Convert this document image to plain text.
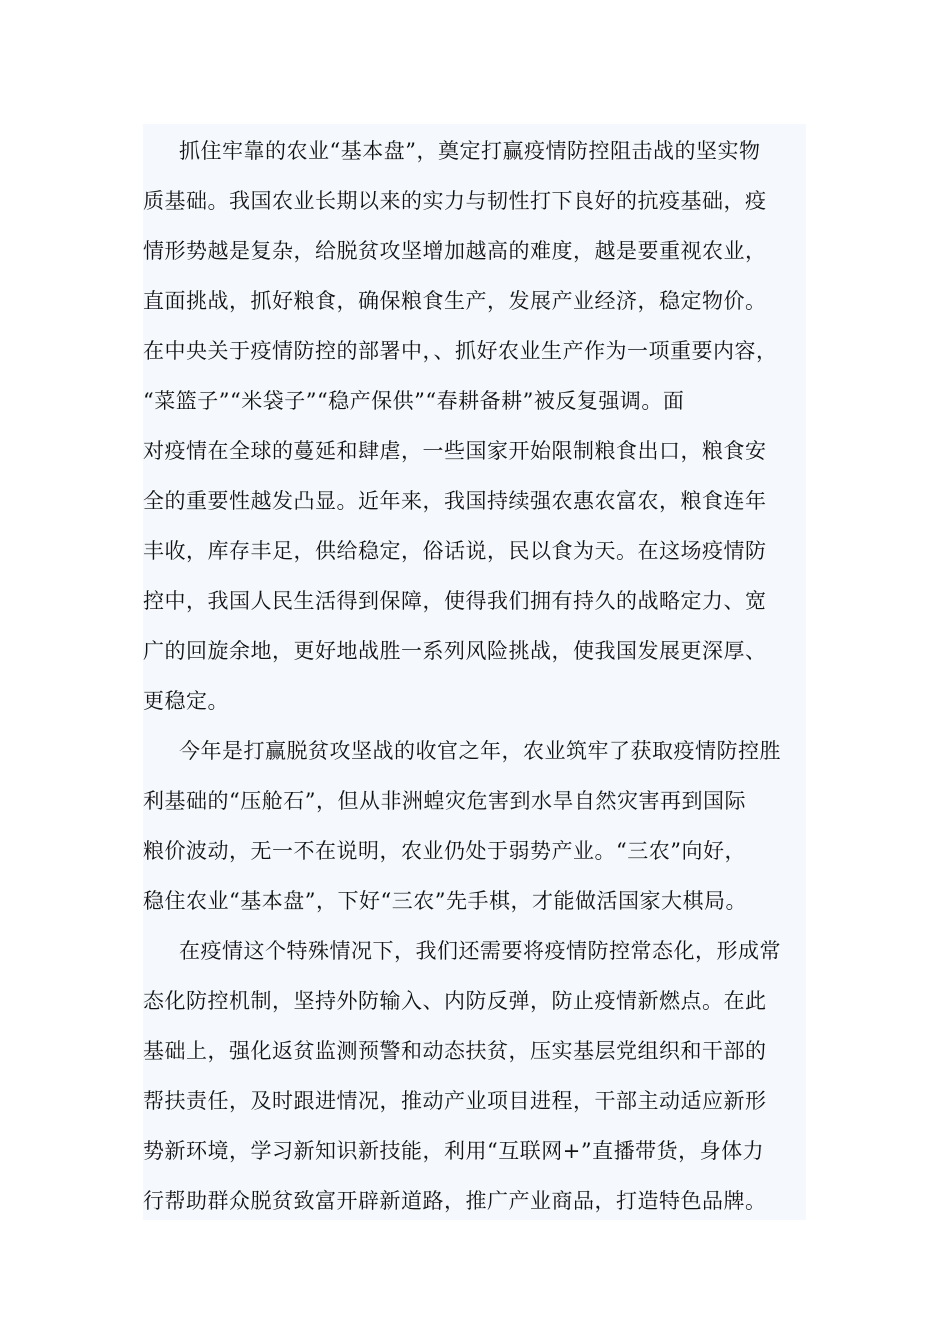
抓住牢靠的农业“基本盘”，奠定打赢疫情防控阻击战的坚实物
质基础。我国农业长期以来的实力与韧性打下良好的抗疫基础，疫
情形势越是复杂，给脱贫攻坚增加越高的难度，越是要重视农业，
直面挑战，抓好粮食，确保粮食生产，发展产业经济，稳定物价。
在中央关于疫情防控的部署中，、抓好农业生产作为一项重要内容，
“菜篮子”“米袋子”“稳产保供”“春耕备耕”被反复强调。面
对疫情在全球的蔓延和肆虐，一些国家开始限制粮食出口，粮食安
全的重要性越发凸显。近年来，我国持续强农惠农富农，粮食连年
丰收，库存丰足，供给稳定，俗话说，民以食为天。在这场疫情防
控中，我国人民生活得到保障，使得我们拥有持久的战略定力、宽
广的回旋余地，更好地战胜一系列风险挑战，使我国发展更深厚、
更稳定。
今年是打赢脱贫攻坚战的收官之年，农业筑牢了获取疫情防控胜
利基础的“压舱石”，但从非洲蝗灾危害到水旱自然灾害再到国际
粮价波动，无一不在说明，农业仍处于弱势产业。“三农”向好，
稳住农业“基本盘”，下好“三农”先手棋，才能做活国家大棋局。
在疫情这个特殊情况下，我们还需要将疫情防控常态化，形成常
态化防控机制，坚持外防输入、内防反弹，防止疫情新燃点。在此
基础上，强化返贫监测预警和动态扶贫，压实基层党组织和干部的
帮扶责任，及时跟进情况，推动产业项目进程，干部主动适应新形
势新环境，学习新知识新技能，利用“互联网+”直播带货，身体力
行帮助群众脱贫致富开辟新道路，推广产业商品，打造特色品牌。
